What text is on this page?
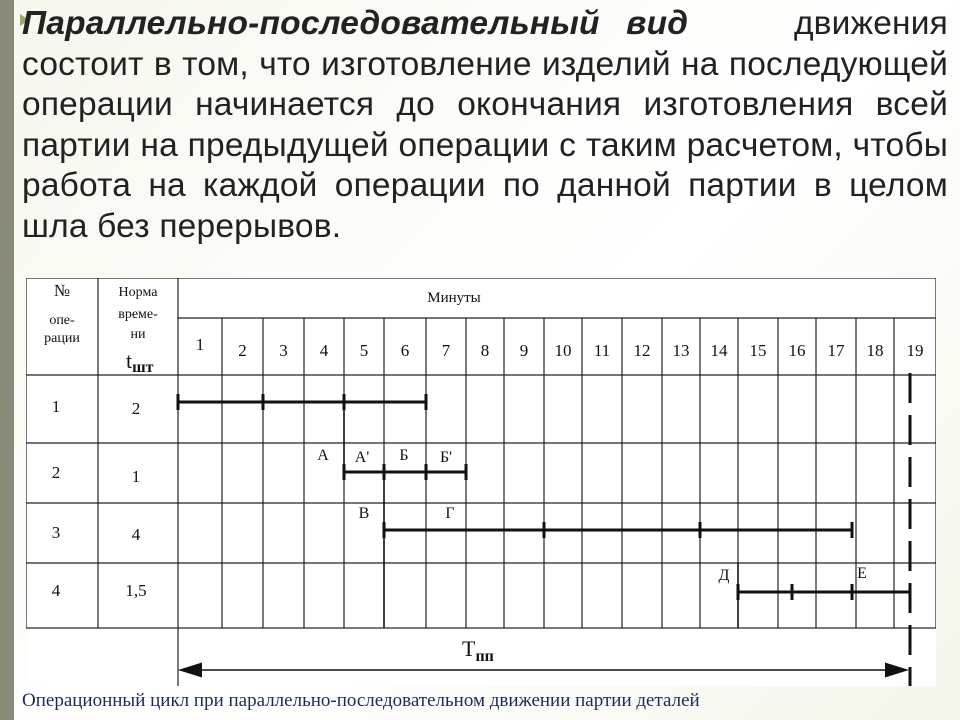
Параллельно-последовательный вид	движения состоит в том, что изготовление изделий на последующей операции начинается до окончания изготовления всей партии на предыдущей операции с таким расчетом, чтобы работа на каждой операции по данной партии в целом шла без перерывов.

№
опе-
рации
Норма
време-
ни
tшт
Минуты
1 2 3 4 5 6 7 8 9 10 11 12 13 14 15 16 17 18 19
1	2
2	1
3	4
4	1,5
А А' Б Б'
В	Г
Д	Е
$T_{пп}$
Операционный цикл при параллельно-последовательном движении партии деталей
